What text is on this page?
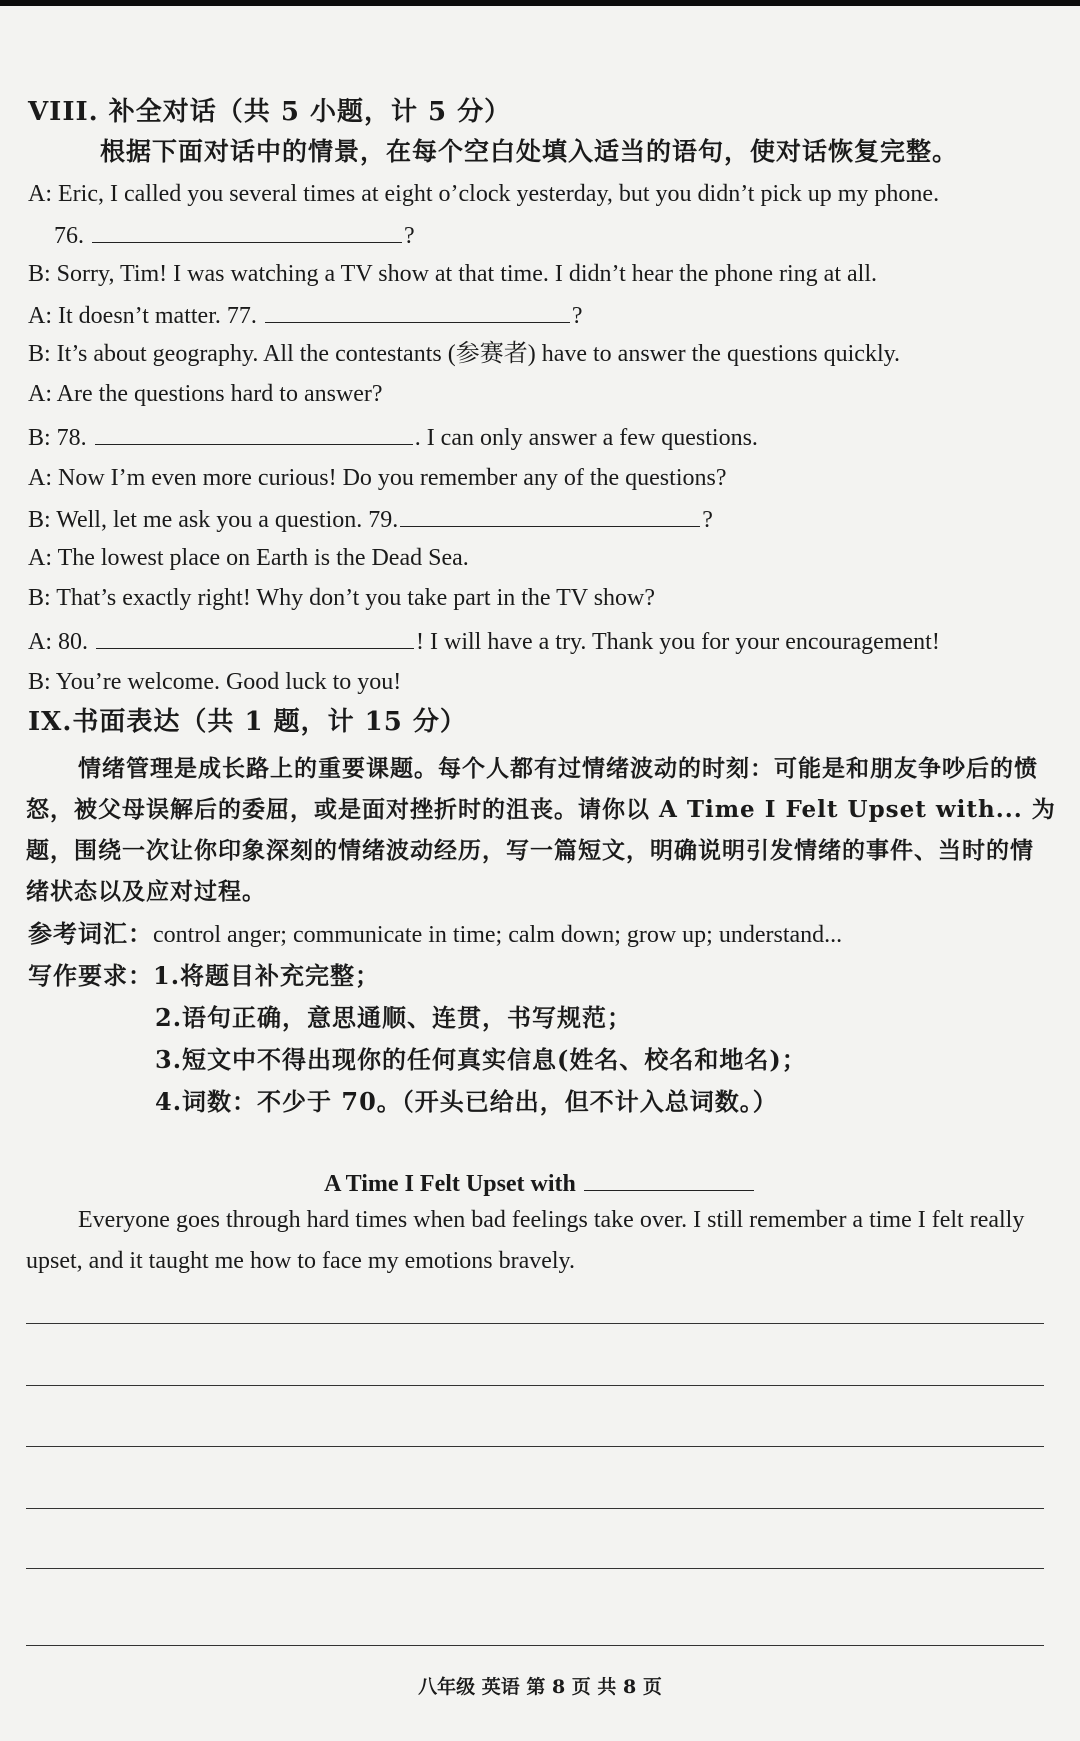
VIII. 补全对话（共 5 小题，计 5 分）
根据下面对话中的情景，在每个空白处填入适当的语句，使对话恢复完整。
A: Eric, I called you several times at eight o’clock yesterday, but you didn’t pick up my phone.
76.	?
B: Sorry, Tim! I was watching a TV show at that time. I didn’t hear the phone ring at all.
A: It doesn’t matter. 77.	?
B: It’s about geography. All the contestants (参赛者) have to answer the questions quickly.
A: Are the questions hard to answer?
B: 78.	. I can only answer a few questions.
A: Now I’m even more curious! Do you remember any of the questions?
B: Well, let me ask you a question. 79.	?
A: The lowest place on Earth is the Dead Sea.
B: That’s exactly right! Why don’t you take part in the TV show?
A: 80.	! I will have a try. Thank you for your encouragement!
B: You’re welcome. Good luck to you!
IX.书面表达（共 1 题，计 15 分）
情绪管理是成长路上的重要课题。每个人都有过情绪波动的时刻：可能是和朋友争吵后的愤怒，被父母误解后的委屈，或是面对挫折时的沮丧。请你以 A Time I Felt Upset with... 为题，围绕一次让你印象深刻的情绪波动经历，写一篇短文，明确说明引发情绪的事件、当时的情绪状态以及应对过程。
参考词汇：control anger; communicate in time; calm down; grow up; understand...
写作要求：1.将题目补充完整；
2.语句正确，意思通顺、连贯，书写规范；
3.短文中不得出现你的任何真实信息(姓名、校名和地名)；
4.词数：不少于 70。（开头已给出，但不计入总词数。）
A Time I Felt Upset with
Everyone goes through hard times when bad feelings take over. I still remember a time I felt really upset, and it taught me how to face my emotions bravely.
八年级 英语 第 8 页 共 8 页
